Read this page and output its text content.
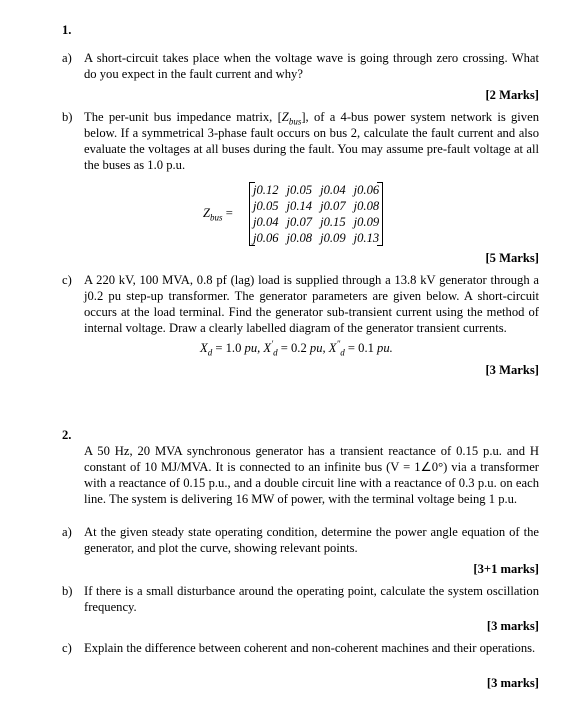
1.
a) A short-circuit takes place when the voltage wave is going through zero crossing. What do you expect in the fault current and why?
[2 Marks]
b) The per-unit bus impedance matrix, $[Z_{bus}]$, of a 4-bus power system network is given below. If a symmetrical 3-phase fault occurs on bus 2, calculate the fault current and also evaluate the voltages at all buses during the fault. You may assume pre-fault voltage at all the buses as 1.0 p.u.
$Z_{bus}$ =
j0.12	j0.05	j0.04	j0.06
j0.05	j0.14	j0.07	j0.08
j0.04	j0.07	j0.15	j0.09
j0.06	j0.08	j0.09	j0.13
[5 Marks]
c) A 220 kV, 100 MVA, 0.8 pf (lag) load is supplied through a 13.8 kV generator through a j0.2 pu step-up transformer. The generator parameters are given below. A short-circuit occurs at the load terminal. Find the generator sub-transient current using the method of internal voltage. Draw a clearly labelled diagram of the generator transient currents.
$X_d = 1.0$ pu, $X'_d = 0.2$ pu, $X''_d = 0.1$ pu.
[3 Marks]
2.
A 50 Hz, 20 MVA synchronous generator has a transient reactance of 0.15 p.u. and H constant of 10 MJ/MVA. It is connected to an infinite bus (V = 1∠0°) via a transformer with a reactance of 0.15 p.u., and a double circuit line with a reactance of 0.3 p.u. on each line. The system is delivering 16 MW of power, with the terminal voltage being 1 p.u.
a) At the given steady state operating condition, determine the power angle equation of the generator, and plot the curve, showing relevant points.
[3+1 marks]
b) If there is a small disturbance around the operating point, calculate the system oscillation frequency.
[3 marks]
c) Explain the difference between coherent and non-coherent machines and their operations.
[3 marks]
